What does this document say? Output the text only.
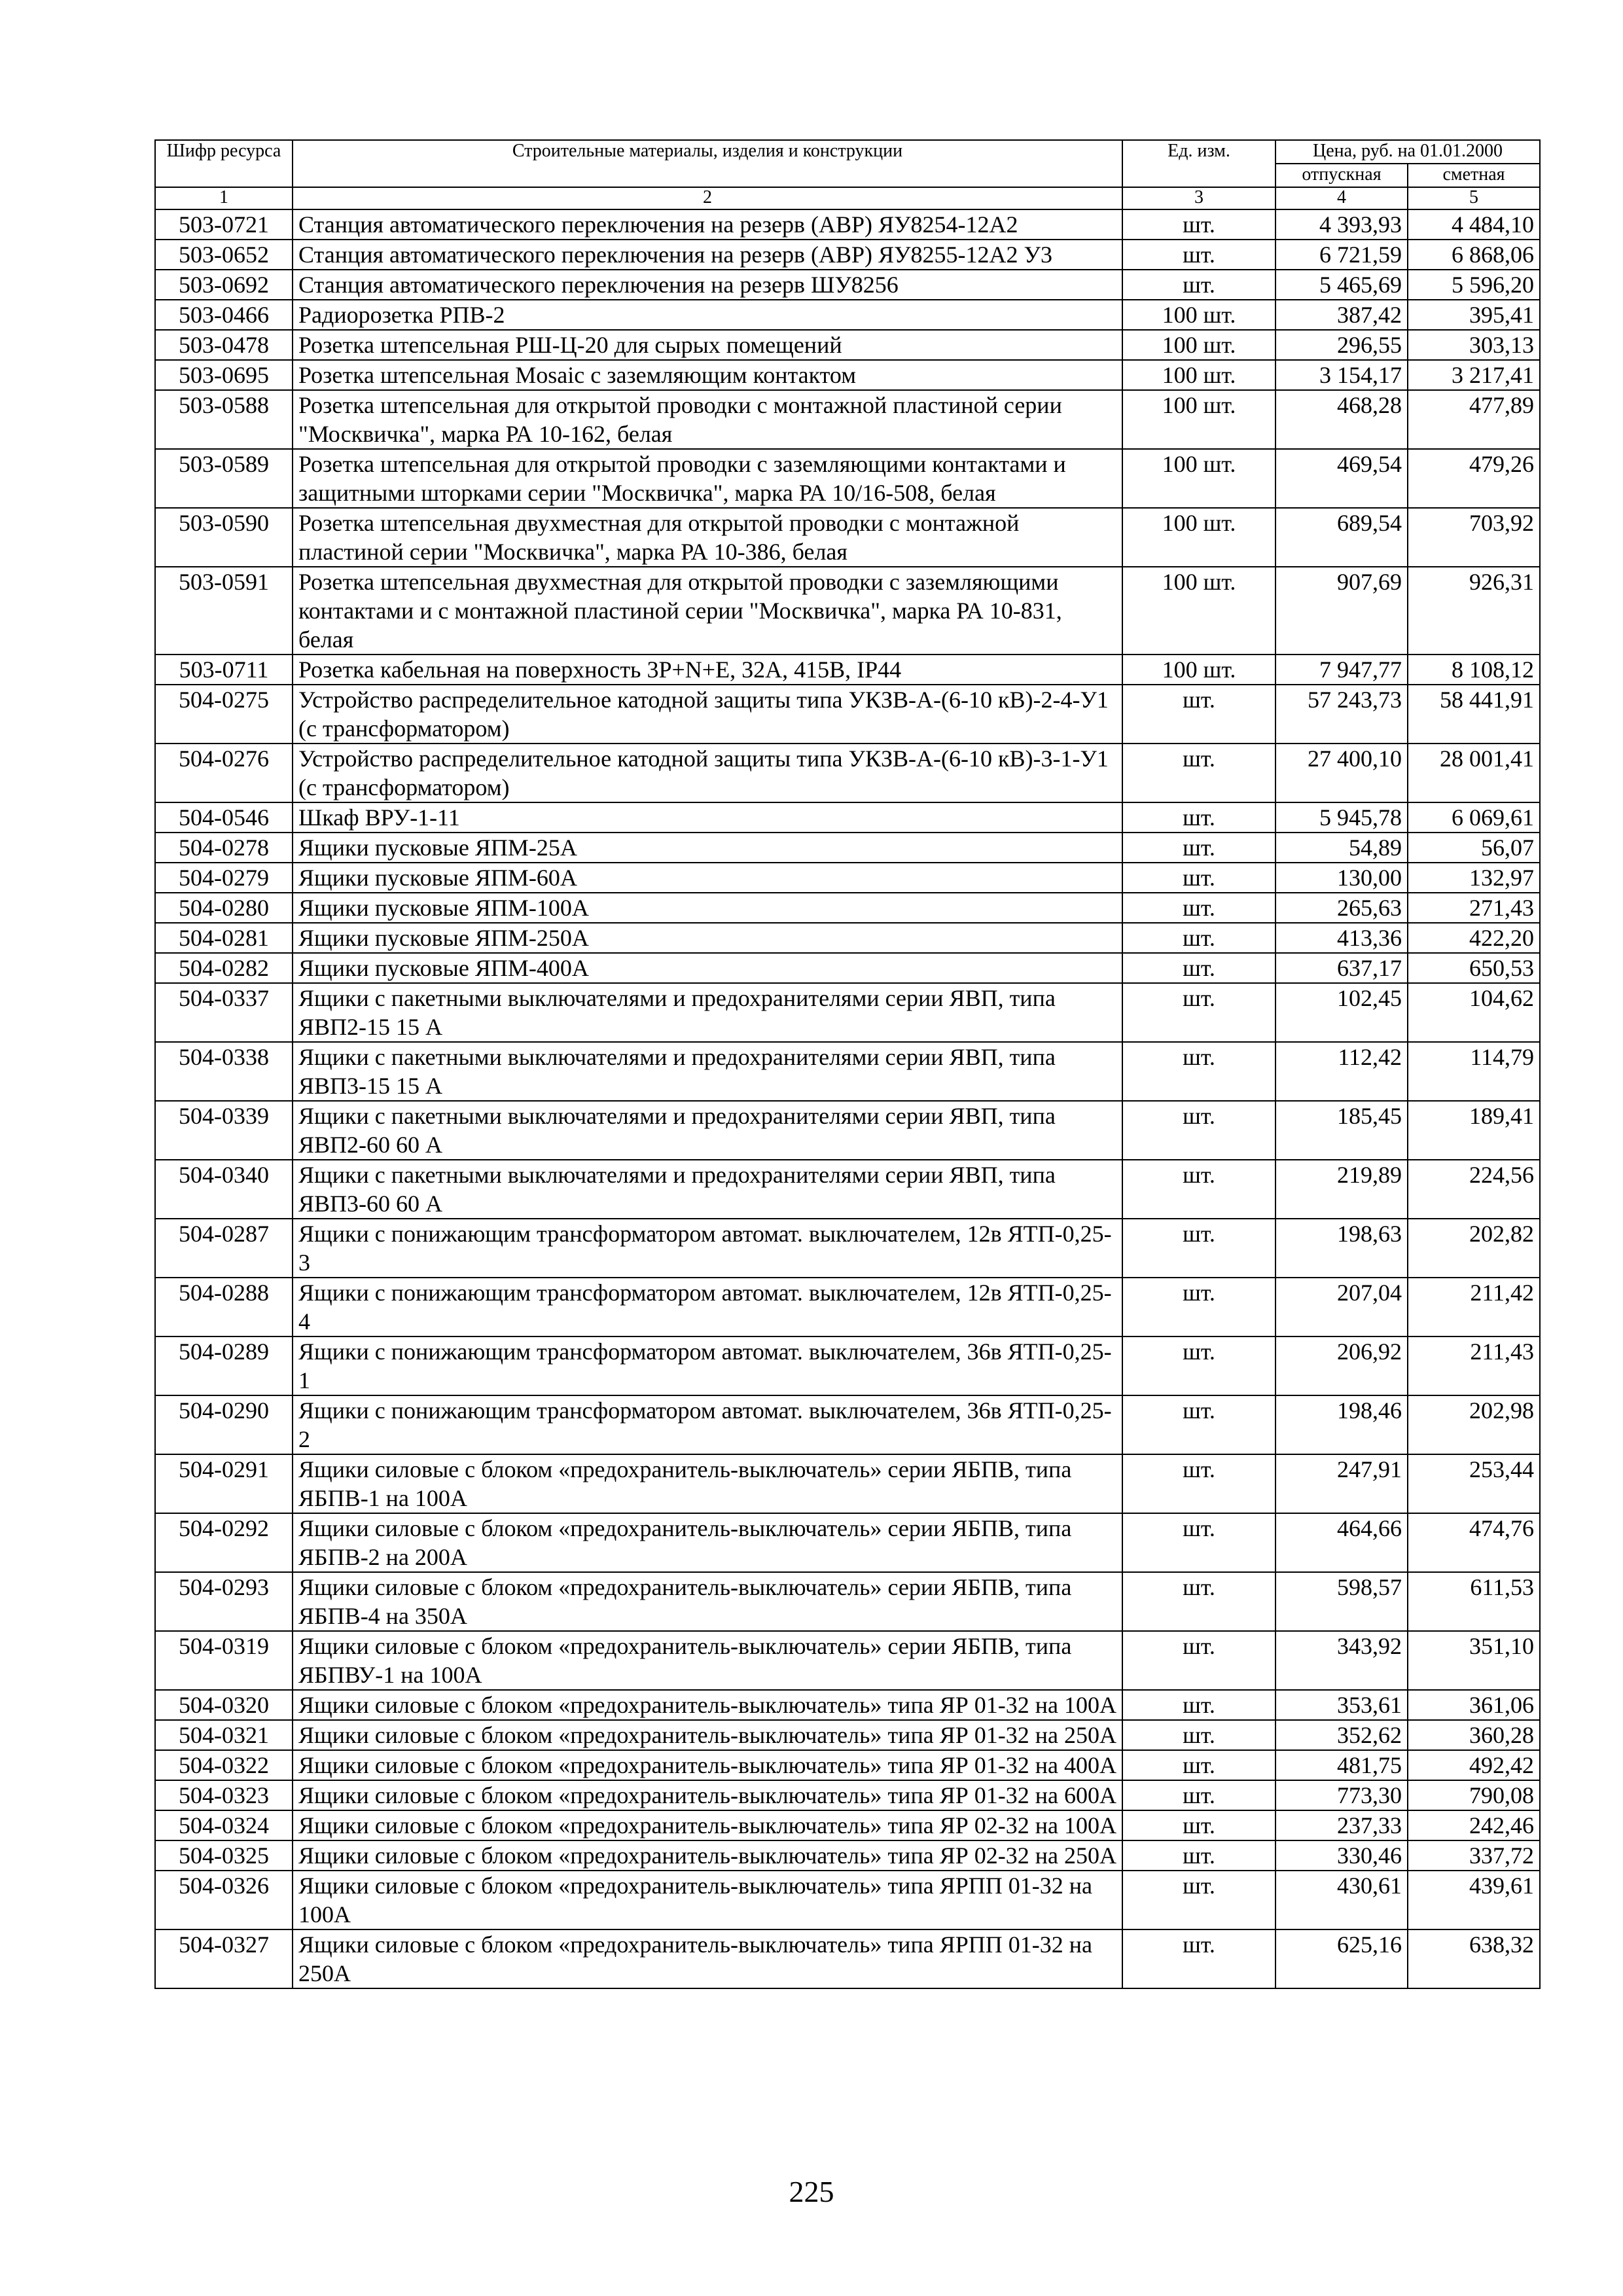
Шифр ресурса	Строительные материалы, изделия и конструкции	Ед. изм.	Цена, руб. на 01.01.2000	
			отпускная	сметная
1	2	3	4	5
503-0721	Станция автоматического переключения на резерв (АВР) ЯУ8254-12А2	шт.	4 393,93	4 484,10
503-0652	Станция автоматического переключения на резерв (АВР) ЯУ8255-12А2 У3	шт.	6 721,59	6 868,06
503-0692	Станция автоматического переключения на резерв ШУ8256	шт.	5 465,69	5 596,20
503-0466	Радиорозетка РПВ-2	100 шт.	387,42	395,41
503-0478	Розетка штепсельная РШ-Ц-20 для сырых помещений	100 шт.	296,55	303,13
503-0695	Розетка штепсельная Mosaic с заземляющим контактом	100 шт.	3 154,17	3 217,41
503-0588	Розетка штепсельная для открытой проводки с монтажной пластиной серии "Москвичка", марка РА 10-162, белая	100 шт.	468,28	477,89
503-0589	Розетка штепсельная для открытой проводки с заземляющими контактами и защитными шторками серии "Москвичка", марка РА 10/16-508, белая	100 шт.	469,54	479,26
503-0590	Розетка штепсельная двухместная для открытой проводки с монтажной пластиной серии "Москвичка", марка РА 10-386, белая	100 шт.	689,54	703,92
503-0591	Розетка штепсельная двухместная для открытой проводки с заземляющими контактами и с монтажной пластиной серии "Москвичка", марка РА 10-831, белая	100 шт.	907,69	926,31
503-0711	Розетка кабельная на поверхность 3P+N+E, 32A, 415B, IP44	100 шт.	7 947,77	8 108,12
504-0275	Устройство распределительное катодной защиты типа УКЗВ-А-(6-10 кВ)-2-4-У1 (с трансформатором)	шт.	57 243,73	58 441,91
504-0276	Устройство распределительное катодной защиты типа УКЗВ-А-(6-10 кВ)-3-1-У1 (с трансформатором)	шт.	27 400,10	28 001,41
504-0546	Шкаф ВРУ-1-11	шт.	5 945,78	6 069,61
504-0278	Ящики пусковые ЯПМ-25А	шт.	54,89	56,07
504-0279	Ящики пусковые ЯПМ-60А	шт.	130,00	132,97
504-0280	Ящики пусковые ЯПМ-100А	шт.	265,63	271,43
504-0281	Ящики пусковые ЯПМ-250А	шт.	413,36	422,20
504-0282	Ящики пусковые ЯПМ-400А	шт.	637,17	650,53
504-0337	Ящики с пакетными выключателями и предохранителями серии ЯВП, типа ЯВП2-15 15 А	шт.	102,45	104,62
504-0338	Ящики с пакетными выключателями и предохранителями серии ЯВП, типа ЯВП3-15 15 А	шт.	112,42	114,79
504-0339	Ящики с пакетными выключателями и предохранителями серии ЯВП, типа ЯВП2-60 60 А	шт.	185,45	189,41
504-0340	Ящики с пакетными выключателями и предохранителями серии ЯВП, типа ЯВП3-60 60 А	шт.	219,89	224,56
504-0287	Ящики с понижающим трансформатором автомат. выключателем, 12в ЯТП-0,25-3	шт.	198,63	202,82
504-0288	Ящики с понижающим трансформатором автомат. выключателем, 12в ЯТП-0,25-4	шт.	207,04	211,42
504-0289	Ящики с понижающим трансформатором автомат. выключателем, 36в ЯТП-0,25-1	шт.	206,92	211,43
504-0290	Ящики с понижающим трансформатором автомат. выключателем, 36в ЯТП-0,25-2	шт.	198,46	202,98
504-0291	Ящики силовые с блоком «предохранитель-выключатель» серии ЯБПВ, типа ЯБПВ-1 на 100А	шт.	247,91	253,44
504-0292	Ящики силовые с блоком «предохранитель-выключатель» серии ЯБПВ, типа ЯБПВ-2 на 200А	шт.	464,66	474,76
504-0293	Ящики силовые с блоком «предохранитель-выключатель» серии ЯБПВ, типа ЯБПВ-4 на 350А	шт.	598,57	611,53
504-0319	Ящики силовые с блоком «предохранитель-выключатель» серии ЯБПВ, типа ЯБПВУ-1 на 100А	шт.	343,92	351,10
504-0320	Ящики силовые с блоком «предохранитель-выключатель» типа ЯР 01-32 на 100А	шт.	353,61	361,06
504-0321	Ящики силовые с блоком «предохранитель-выключатель» типа ЯР 01-32 на 250А	шт.	352,62	360,28
504-0322	Ящики силовые с блоком «предохранитель-выключатель» типа ЯР 01-32 на 400А	шт.	481,75	492,42
504-0323	Ящики силовые с блоком «предохранитель-выключатель» типа ЯР 01-32 на 600А	шт.	773,30	790,08
504-0324	Ящики силовые с блоком «предохранитель-выключатель» типа ЯР 02-32 на 100А	шт.	237,33	242,46
504-0325	Ящики силовые с блоком «предохранитель-выключатель» типа ЯР 02-32 на 250А	шт.	330,46	337,72
504-0326	Ящики силовые с блоком «предохранитель-выключатель» типа ЯРПП 01-32 на 100А	шт.	430,61	439,61
504-0327	Ящики силовые с блоком «предохранитель-выключатель» типа ЯРПП 01-32 на 250А	шт.	625,16	638,32
225
